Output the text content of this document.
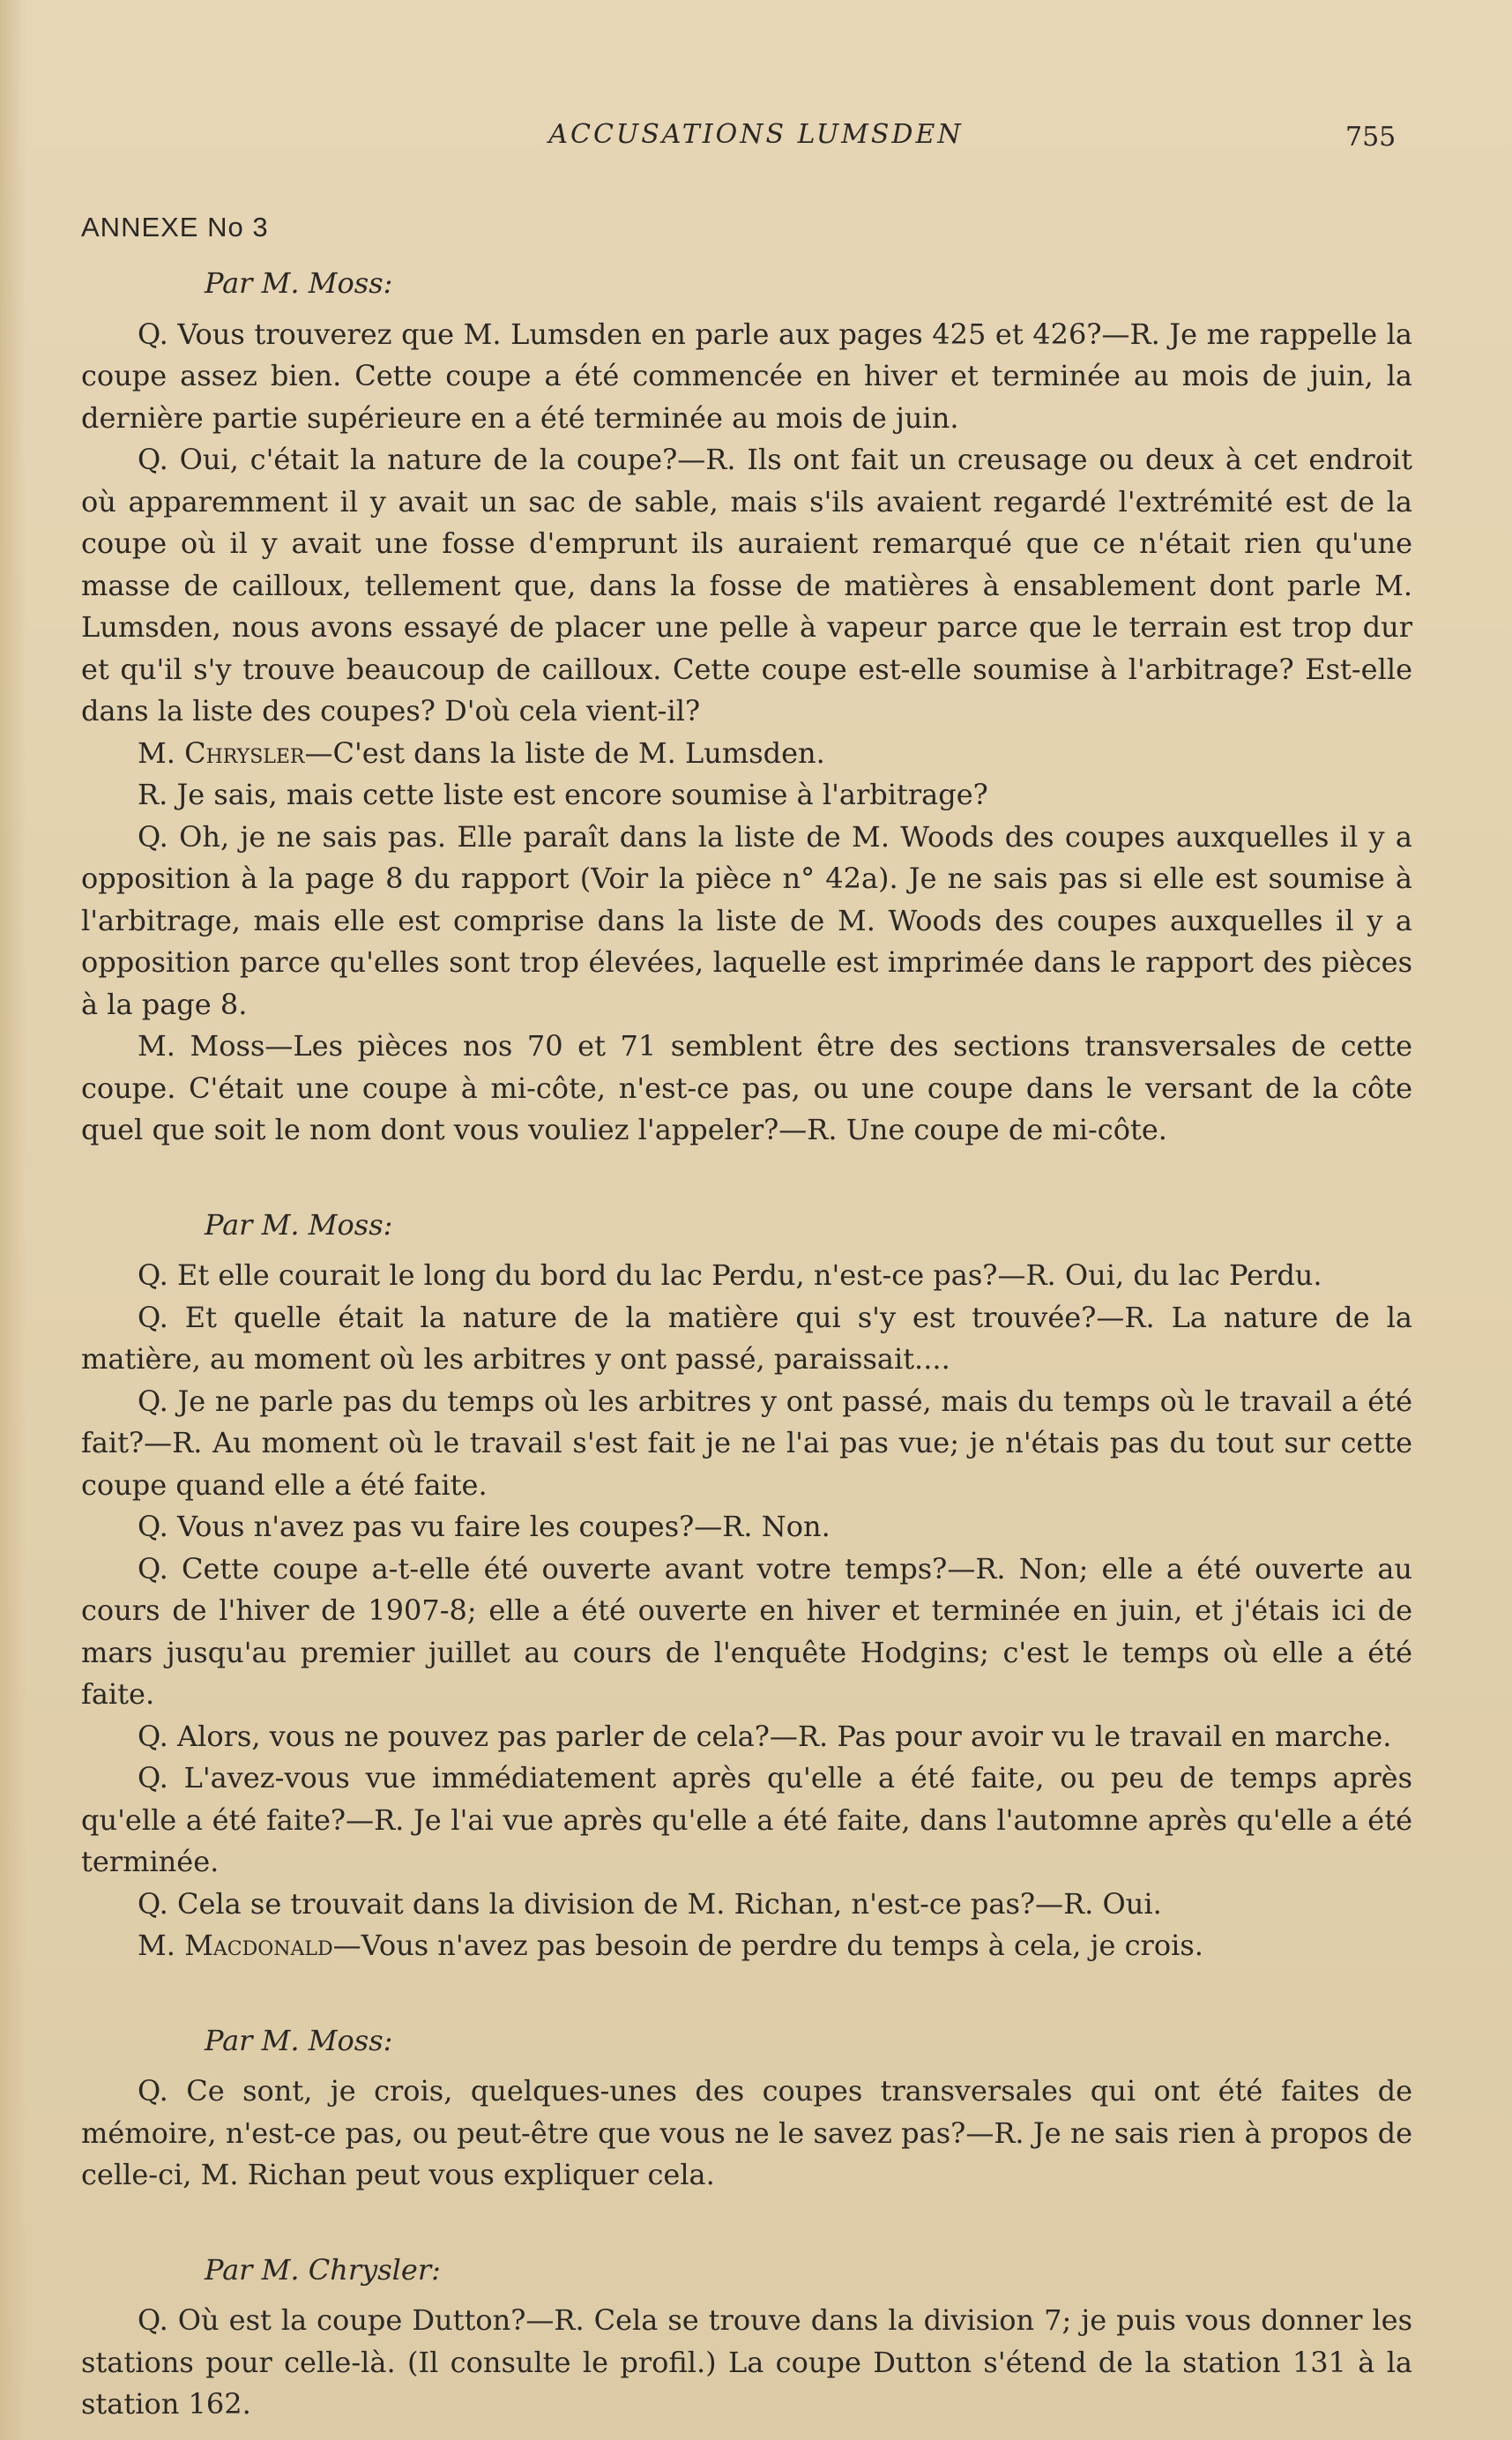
ACCUSATIONS LUMSDEN	755
ANNEXE No 3

Par M. Moss:

Q. Vous trouverez que M. Lumsden en parle aux pages 425 et 426?—R. Je me rappelle la coupe assez bien. Cette coupe a été commencée en hiver et terminée au mois de juin, la dernière partie supérieure en a été terminée au mois de juin.

Q. Oui, c'était la nature de la coupe?—R. Ils ont fait un creusage ou deux à cet endroit où apparemment il y avait un sac de sable, mais s'ils avaient regardé l'extrémité est de la coupe où il y avait une fosse d'emprunt ils auraient remarqué que ce n'était rien qu'une masse de cailloux, tellement que, dans la fosse de matières à ensablement dont parle M. Lumsden, nous avons essayé de placer une pelle à vapeur parce que le terrain est trop dur et qu'il s'y trouve beaucoup de cailloux. Cette coupe est-elle soumise à l'arbitrage? Est-elle dans la liste des coupes? D'où cela vient-il?

M. Chrysler—C'est dans la liste de M. Lumsden.

R. Je sais, mais cette liste est encore soumise à l'arbitrage?

Q. Oh, je ne sais pas. Elle paraît dans la liste de M. Woods des coupes auxquelles il y a opposition à la page 8 du rapport (Voir la pièce n° 42a). Je ne sais pas si elle est soumise à l'arbitrage, mais elle est comprise dans la liste de M. Woods des coupes auxquelles il y a opposition parce qu'elles sont trop élevées, laquelle est imprimée dans le rapport des pièces à la page 8.

M. Moss—Les pièces nos 70 et 71 semblent être des sections transversales de cette coupe. C'était une coupe à mi-côte, n'est-ce pas, ou une coupe dans le versant de la côte quel que soit le nom dont vous vouliez l'appeler?—R. Une coupe de mi-côte.

Par M. Moss:

Q. Et elle courait le long du bord du lac Perdu, n'est-ce pas?—R. Oui, du lac Perdu.

Q. Et quelle était la nature de la matière qui s'y est trouvée?—R. La nature de la matière, au moment où les arbitres y ont passé, paraissait....

Q. Je ne parle pas du temps où les arbitres y ont passé, mais du temps où le travail a été fait?—R. Au moment où le travail s'est fait je ne l'ai pas vue; je n'étais pas du tout sur cette coupe quand elle a été faite.

Q. Vous n'avez pas vu faire les coupes?—R. Non.

Q. Cette coupe a-t-elle été ouverte avant votre temps?—R. Non; elle a été ouverte au cours de l'hiver de 1907-8; elle a été ouverte en hiver et terminée en juin, et j'étais ici de mars jusqu'au premier juillet au cours de l'enquête Hodgins; c'est le temps où elle a été faite.

Q. Alors, vous ne pouvez pas parler de cela?—R. Pas pour avoir vu le travail en marche.

Q. L'avez-vous vue immédiatement après qu'elle a été faite, ou peu de temps après qu'elle a été faite?—R. Je l'ai vue après qu'elle a été faite, dans l'automne après qu'elle a été terminée.

Q. Cela se trouvait dans la division de M. Richan, n'est-ce pas?—R. Oui.

M. Macdonald—Vous n'avez pas besoin de perdre du temps à cela, je crois.

Par M. Moss:

Q. Ce sont, je crois, quelques-unes des coupes transversales qui ont été faites de mémoire, n'est-ce pas, ou peut-être que vous ne le savez pas?—R. Je ne sais rien à propos de celle-ci, M. Richan peut vous expliquer cela.

Par M. Chrysler:

Q. Où est la coupe Dutton?—R. Cela se trouve dans la division 7; je puis vous donner les stations pour celle-là. (Il consulte le profil.) La coupe Dutton s'étend de la station 131 à la station 162.
